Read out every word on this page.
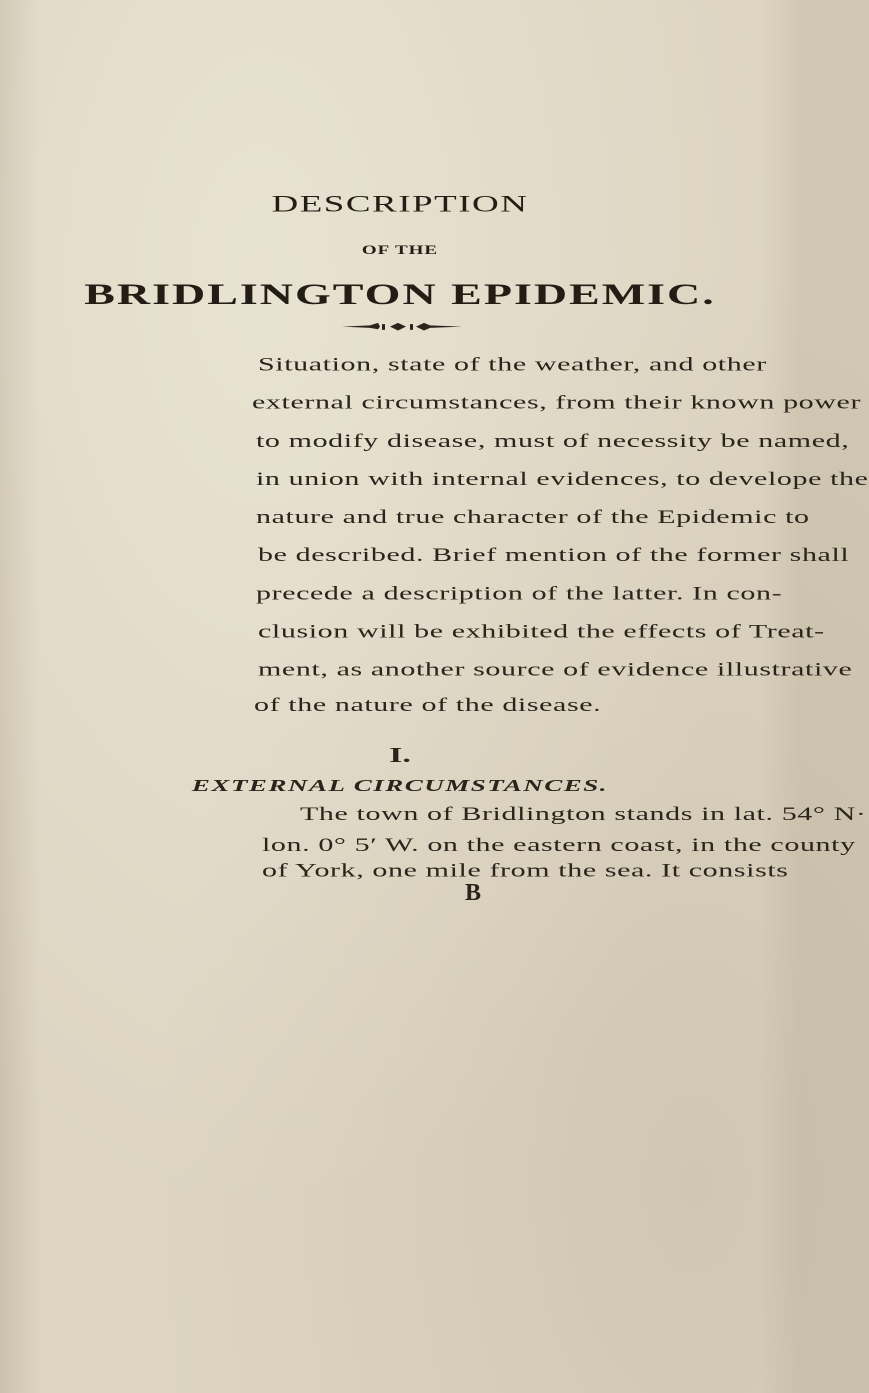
DESCRIPTION
OF THE
BRIDLINGTON EPIDEMIC.
Situation, state of the weather, and other
external circumstances, from their known power
to modify disease, must of necessity be named,
in union with internal evidences, to develope the
nature and true character of the Epidemic to
be described. Brief mention of the former shall
precede a description of the latter. In con-
clusion will be exhibited the effects of Treat-
ment, as another source of evidence illustrative
of the nature of the disease.
I.
EXTERNAL CIRCUMSTANCES.
The town of Bridlington stands in lat. 54° N·
lon. 0° 5′ W. on the eastern coast, in the county
of York, one mile from the sea. It consists
B
